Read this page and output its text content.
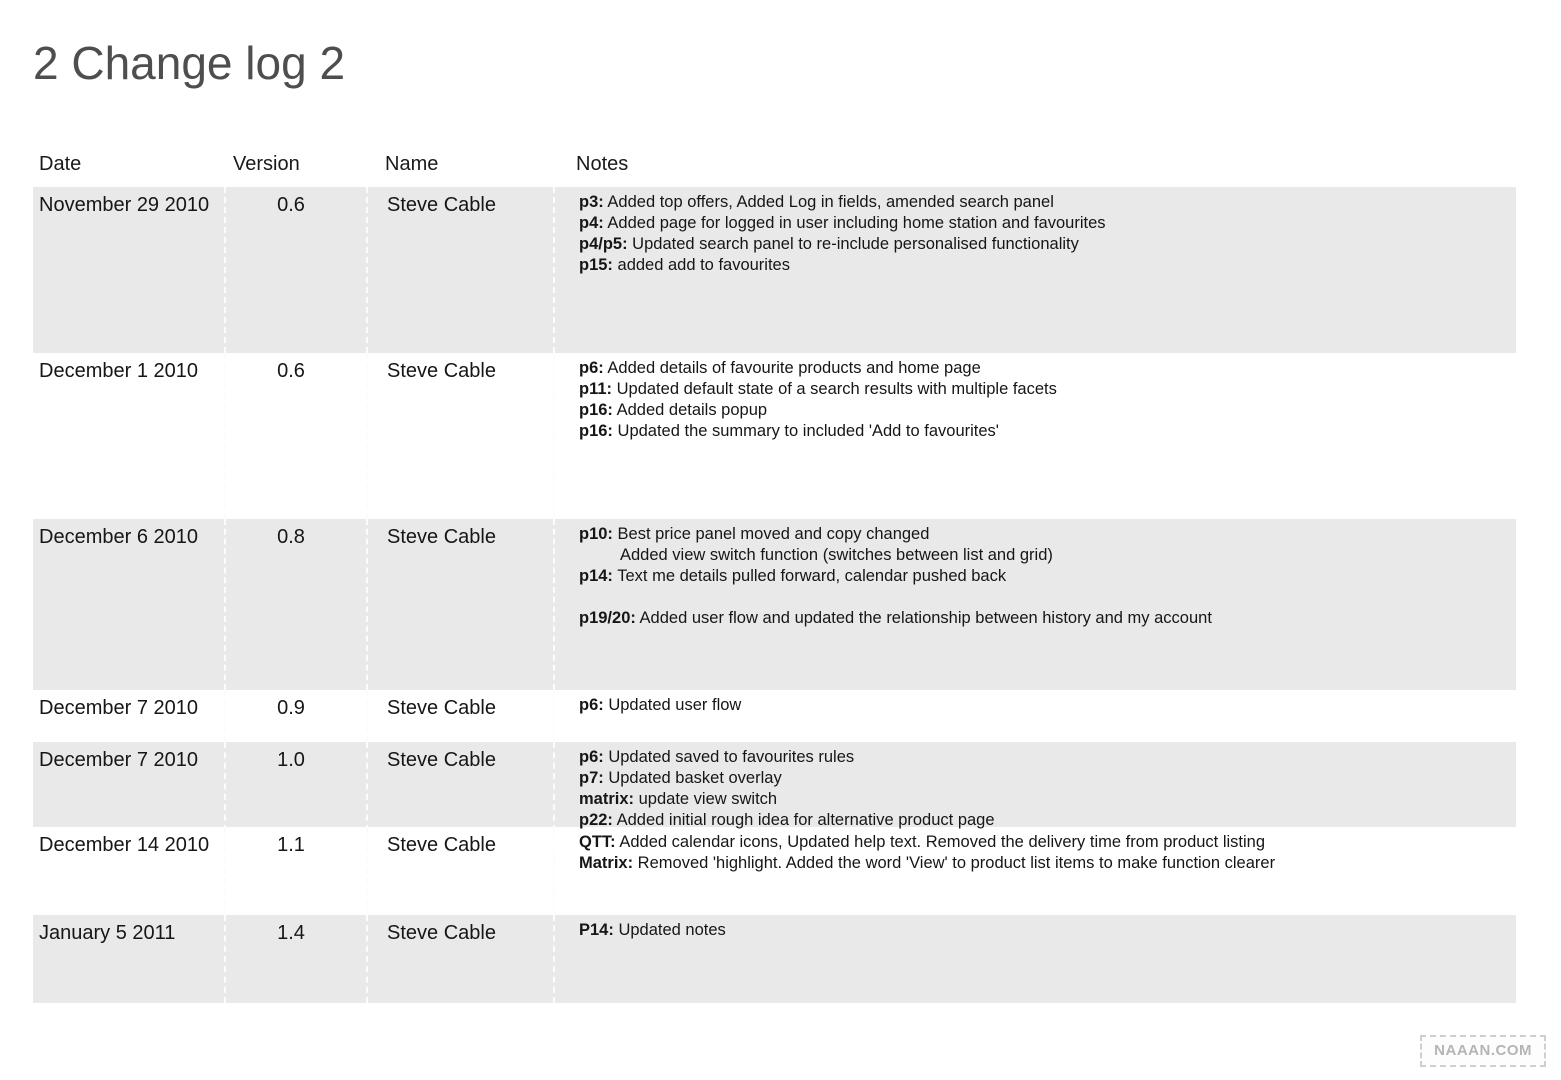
2 Change log 2
Date	Version	Name	Notes
November 29 2010	0.6	Steve Cable	p3: Added top offers, Added Log in fields, amended search panel
p4: Added page for logged in user including home station and favourites
p4/p5: Updated search panel to re-include personalised functionality
p15: added add to favourites
December 1 2010	0.6	Steve Cable	p6: Added details of favourite products and home page
p11: Updated default state of a search results with multiple facets
p16: Added details popup
p16: Updated the summary to included 'Add to favourites'
December 6 2010	0.8	Steve Cable	p10: Best price panel moved and copy changed
Added view switch function (switches between list and grid)
p14: Text me details pulled forward, calendar pushed back
p19/20: Added user flow and updated the relationship between history and my account
December 7 2010	0.9	Steve Cable	p6: Updated user flow
December 7 2010	1.0	Steve Cable	p6: Updated saved to favourites rules
p7: Updated basket overlay
matrix: update view switch
p22: Added initial rough idea for alternative product page
December 14 2010	1.1	Steve Cable	QTT: Added calendar icons, Updated help text. Removed the delivery time from product listing
Matrix: Removed 'highlight. Added the word 'View' to product list items to make function clearer
January 5 2011	1.4	Steve Cable	P14: Updated notes
NAAAN.COM
